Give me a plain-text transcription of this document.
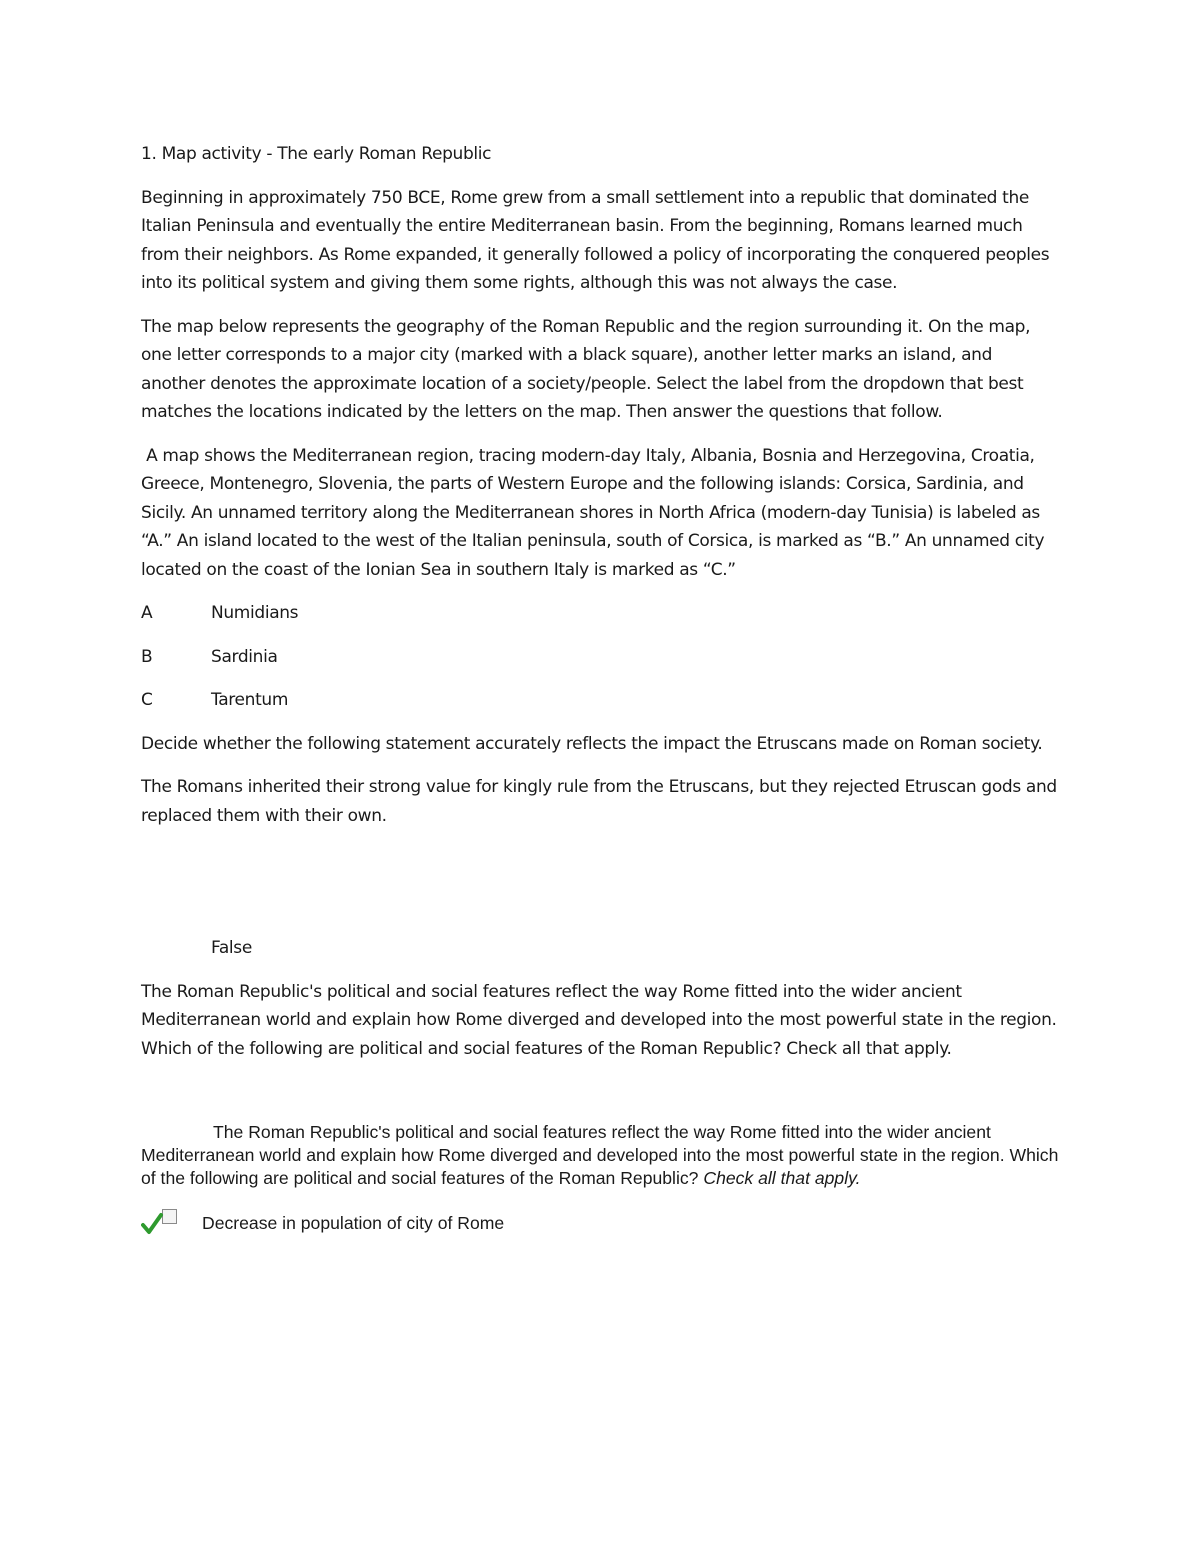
1. Map activity - The early Roman Republic

Beginning in approximately 750 BCE, Rome grew from a small settlement into a republic that dominated the Italian Peninsula and eventually the entire Mediterranean basin. From the beginning, Romans learned much from their neighbors. As Rome expanded, it generally followed a policy of incorporating the conquered peoples into its political system and giving them some rights, although this was not always the case.

The map below represents the geography of the Roman Republic and the region surrounding it. On the map, one letter corresponds to a major city (marked with a black square), another letter marks an island, and another denotes the approximate location of a society/people. Select the label from the dropdown that best matches the locations indicated by the letters on the map. Then answer the questions that follow.

A map shows the Mediterranean region, tracing modern-day Italy, Albania, Bosnia and Herzegovina, Croatia, Greece, Montenegro, Slovenia, the parts of Western Europe and the following islands: Corsica, Sardinia, and Sicily. An unnamed territory along the Mediterranean shores in North Africa (modern-day Tunisia) is labeled as “A.” An island located to the west of the Italian peninsula, south of Corsica, is marked as “B.” An unnamed city located on the coast of the Ionian Sea in southern Italy is marked as “C.”

A	Numidians
B	Sardinia
C	Tarentum

Decide whether the following statement accurately reflects the impact the Etruscans made on Roman society.

The Romans inherited their strong value for kingly rule from the Etruscans, but they rejected Etruscan gods and replaced them with their own.

False

The Roman Republic's political and social features reflect the way Rome fitted into the wider ancient Mediterranean world and explain how Rome diverged and developed into the most powerful state in the region. Which of the following are political and social features of the Roman Republic? Check all that apply.

The Roman Republic's political and social features reflect the way Rome fitted into the wider ancient Mediterranean world and explain how Rome diverged and developed into the most powerful state in the region. Which of the following are political and social features of the Roman Republic? Check all that apply.

Decrease in population of city of Rome
